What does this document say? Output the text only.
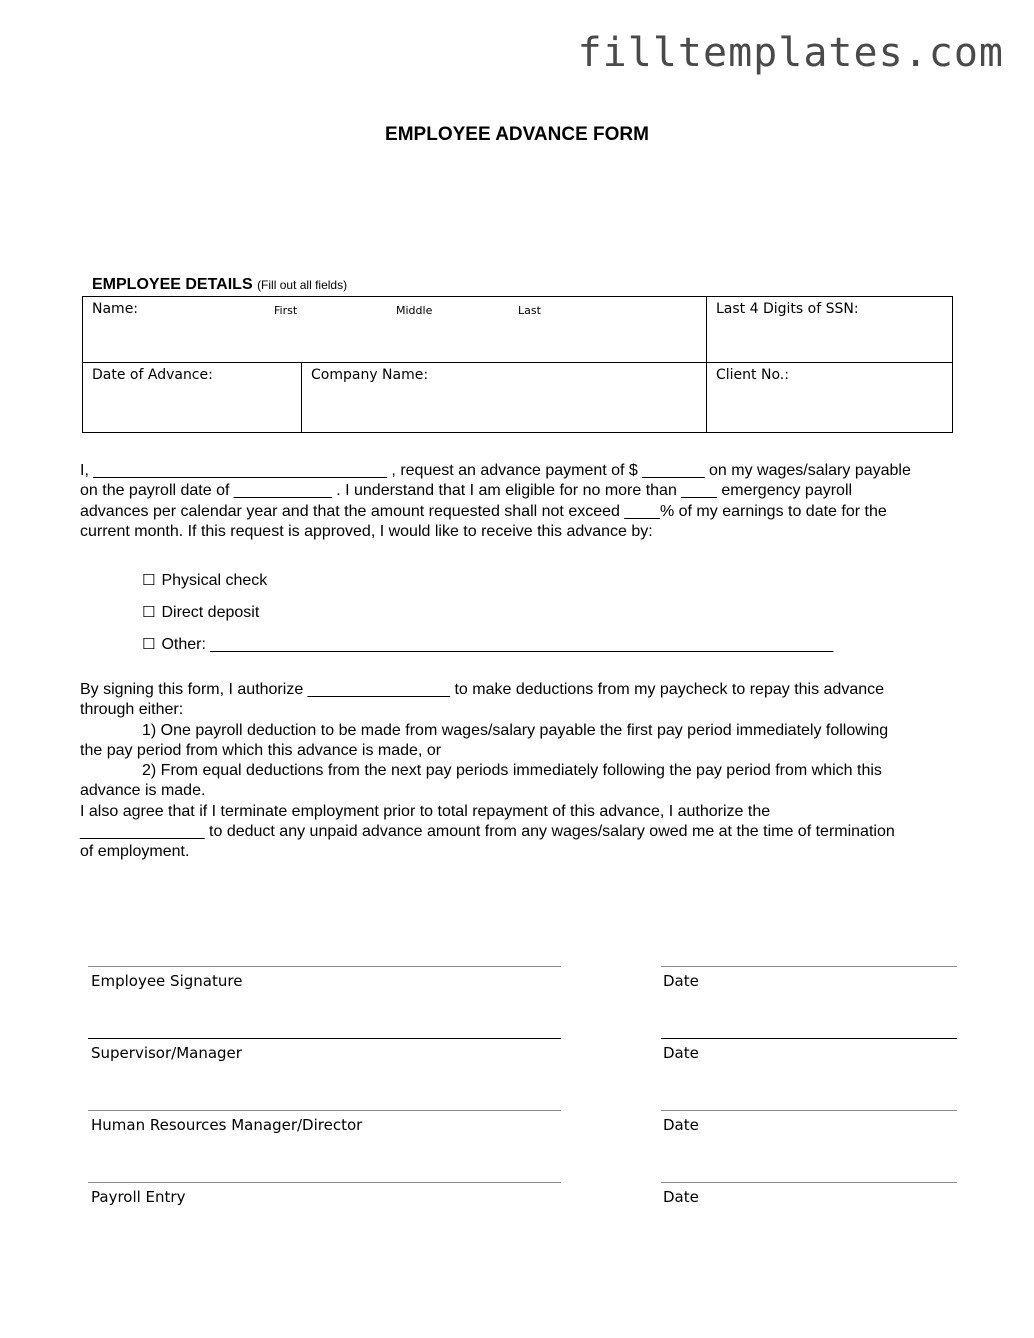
filltemplates.com
EMPLOYEE ADVANCE FORM
EMPLOYEE DETAILS (Fill out all fields)
Name:	First	Middle	Last	Last 4 Digits of SSN:
Date of Advance:	Company Name:	Client No.:

I, _________________________________ , request an advance payment of $ _______ on my wages/salary payable

on the payroll date of ___________ . I understand that I am eligible for no more than ____ emergency payroll

advances per calendar year and that the amount requested shall not exceed ____% of my earnings to date for the

current month. If this request is approved, I would like to receive this advance by:

☐ Physical check
☐ Direct deposit
☐ Other: ______________________________________________________________________

By signing this form, I authorize ________________ to make deductions from my paycheck to repay this advance

through either:

1) One payroll deduction to be made from wages/salary payable the first pay period immediately following

the pay period from which this advance is made, or

2) From equal deductions from the next pay periods immediately following the pay period from which this

advance is made.

I also agree that if I terminate employment prior to total repayment of this advance, I authorize the

______________ to deduct any unpaid advance amount from any wages/salary owed me at the time of termination

of employment.

Employee Signature	Date
Supervisor/Manager	Date
Human Resources Manager/Director	Date
Payroll Entry	Date
